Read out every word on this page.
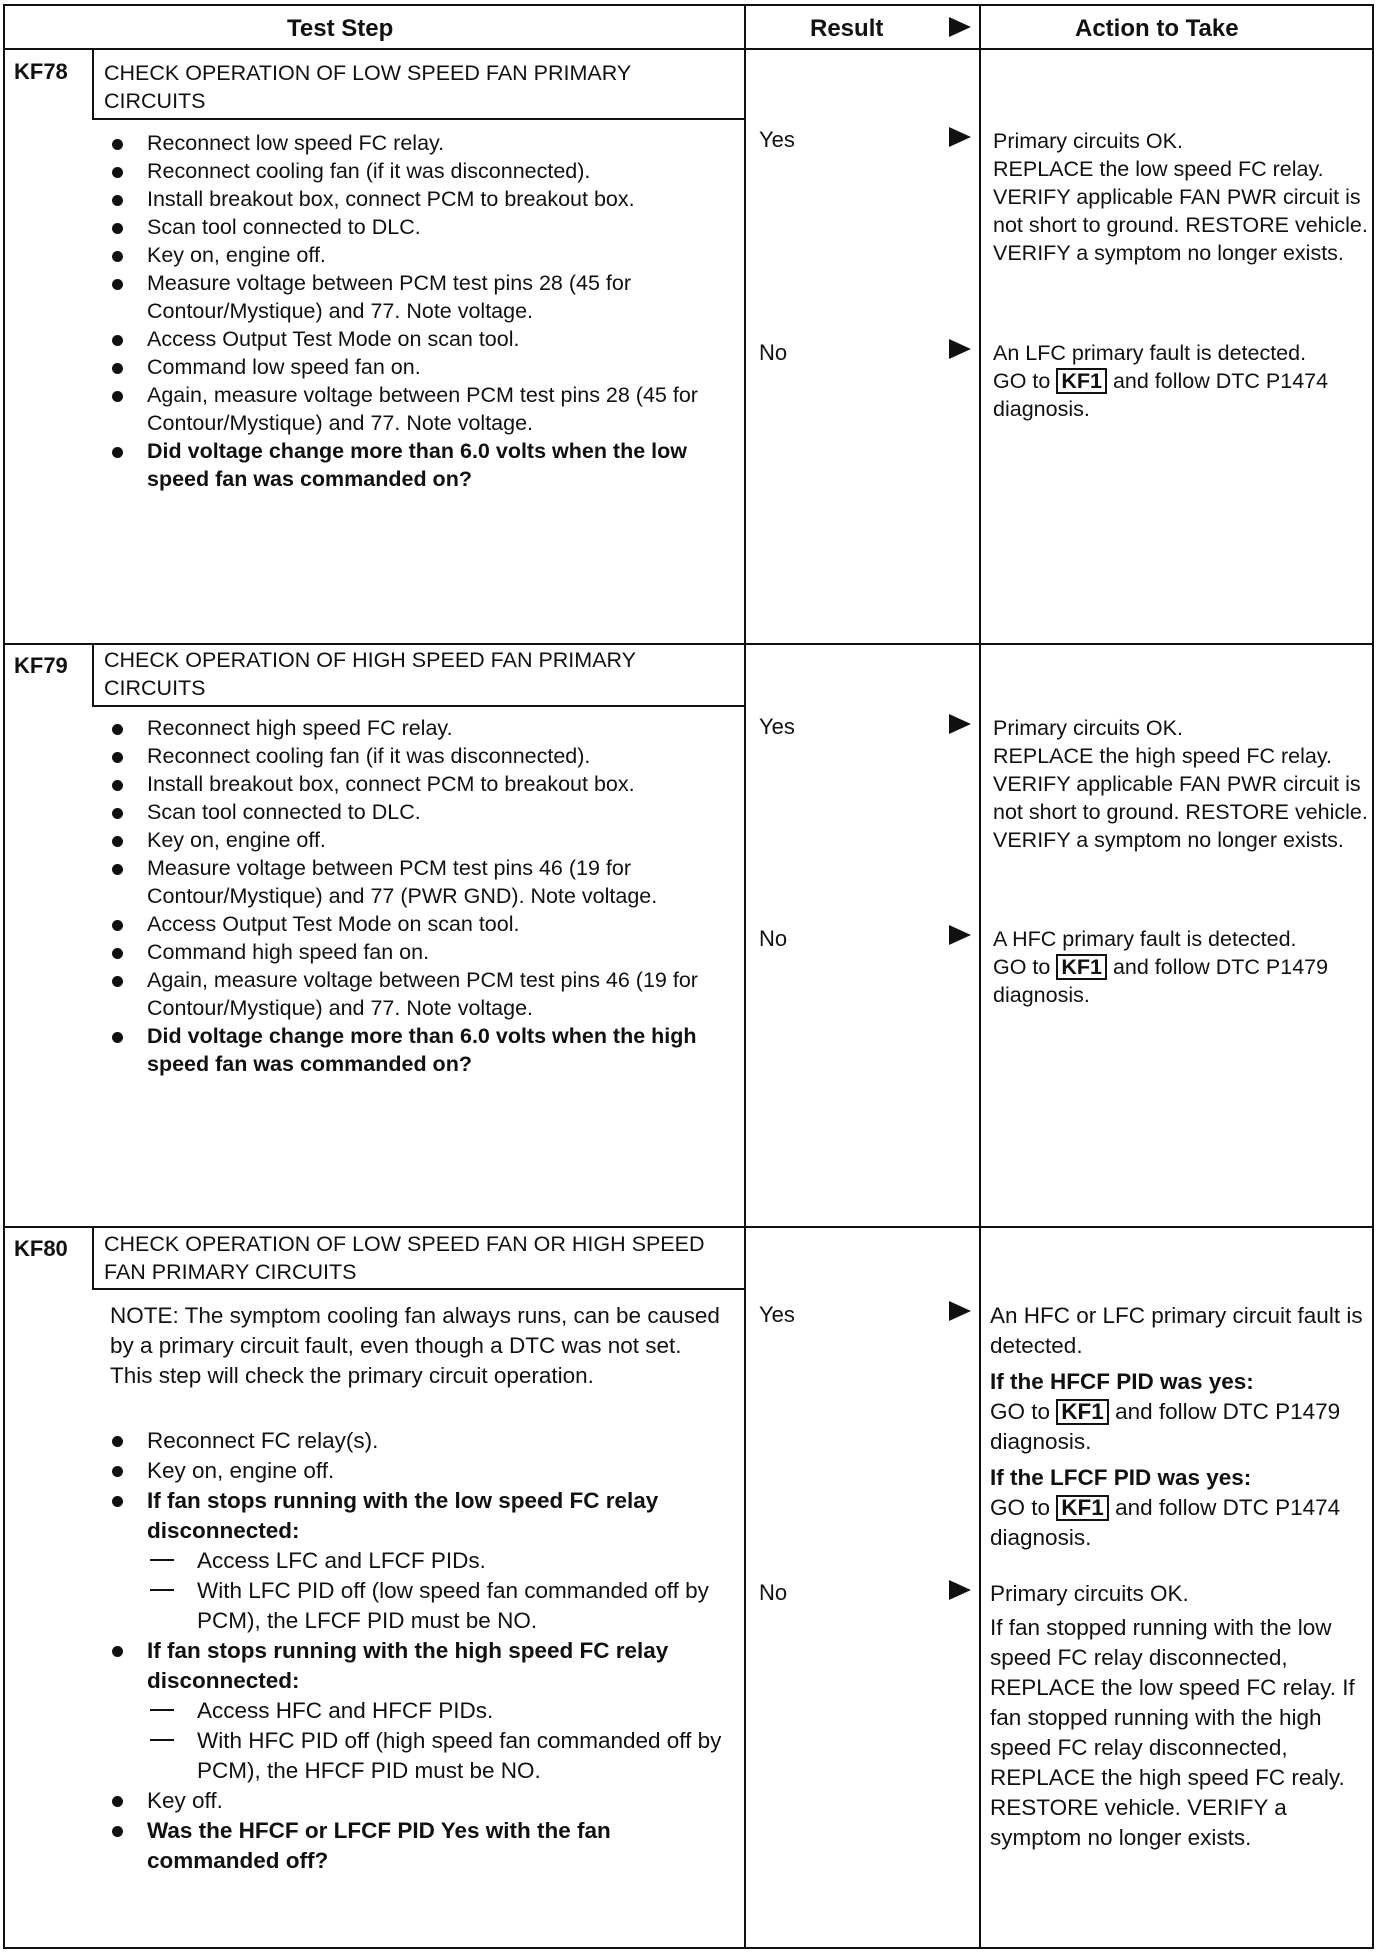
Test Step	Result	Action to Take
KF78 CHECK OPERATION OF LOW SPEED FAN PRIMARY CIRCUITS
Reconnect low speed FC relay.
Reconnect cooling fan (if it was disconnected).
Install breakout box, connect PCM to breakout box.
Scan tool connected to DLC.
Key on, engine off.
Measure voltage between PCM test pins 28 (45 for Contour/Mystique) and 77. Note voltage.
Access Output Test Mode on scan tool.
Command low speed fan on.
Again, measure voltage between PCM test pins 28 (45 for Contour/Mystique) and 77. Note voltage.
Did voltage change more than 6.0 volts when the low speed fan was commanded on?
Yes	Primary circuits OK.

REPLACE the low speed FC relay. VERIFY applicable FAN PWR circuit is not short to ground. RESTORE vehicle. VERIFY a symptom no longer exists.

No	An LFC primary fault is detected.

GO to KF1 and follow DTC P1474 diagnosis.

KF79 CHECK OPERATION OF HIGH SPEED FAN PRIMARY CIRCUITS
Reconnect high speed FC relay.
Reconnect cooling fan (if it was disconnected).
Install breakout box, connect PCM to breakout box.
Scan tool connected to DLC.
Key on, engine off.
Measure voltage between PCM test pins 46 (19 for Contour/Mystique) and 77 (PWR GND). Note voltage.
Access Output Test Mode on scan tool.
Command high speed fan on.
Again, measure voltage between PCM test pins 46 (19 for Contour/Mystique) and 77. Note voltage.
Did voltage change more than 6.0 volts when the high speed fan was commanded on?
Yes	Primary circuits OK.

REPLACE the high speed FC relay. VERIFY applicable FAN PWR circuit is not short to ground. RESTORE vehicle. VERIFY a symptom no longer exists.

No	A HFC primary fault is detected.

GO to KF1 and follow DTC P1479 diagnosis.

KF80 CHECK OPERATION OF LOW SPEED FAN OR HIGH SPEED FAN PRIMARY CIRCUITS
NOTE: The symptom cooling fan always runs, can be caused by a primary circuit fault, even though a DTC was not set. This step will check the primary circuit operation.
Reconnect FC relay(s).
Key on, engine off.
If fan stops running with the low speed FC relay disconnected:
Access LFC and LFCF PIDs.
With LFC PID off (low speed fan commanded off by PCM), the LFCF PID must be NO.
If fan stops running with the high speed FC relay disconnected:
Access HFC and HFCF PIDs.
With HFC PID off (high speed fan commanded off by PCM), the HFCF PID must be NO.
Key off.
Was the HFCF or LFCF PID Yes with the fan commanded off?
Yes	An HFC or LFC primary circuit fault is detected.

If the HFCF PID was yes:

GO to KF1 and follow DTC P1479 diagnosis.

If the LFCF PID was yes:

GO to KF1 and follow DTC P1474 diagnosis.

No	Primary circuits OK.

If fan stopped running with the low speed FC relay disconnected, REPLACE the low speed FC relay. If fan stopped running with the high speed FC relay disconnected, REPLACE the high speed FC realy. RESTORE vehicle. VERIFY a symptom no longer exists.
